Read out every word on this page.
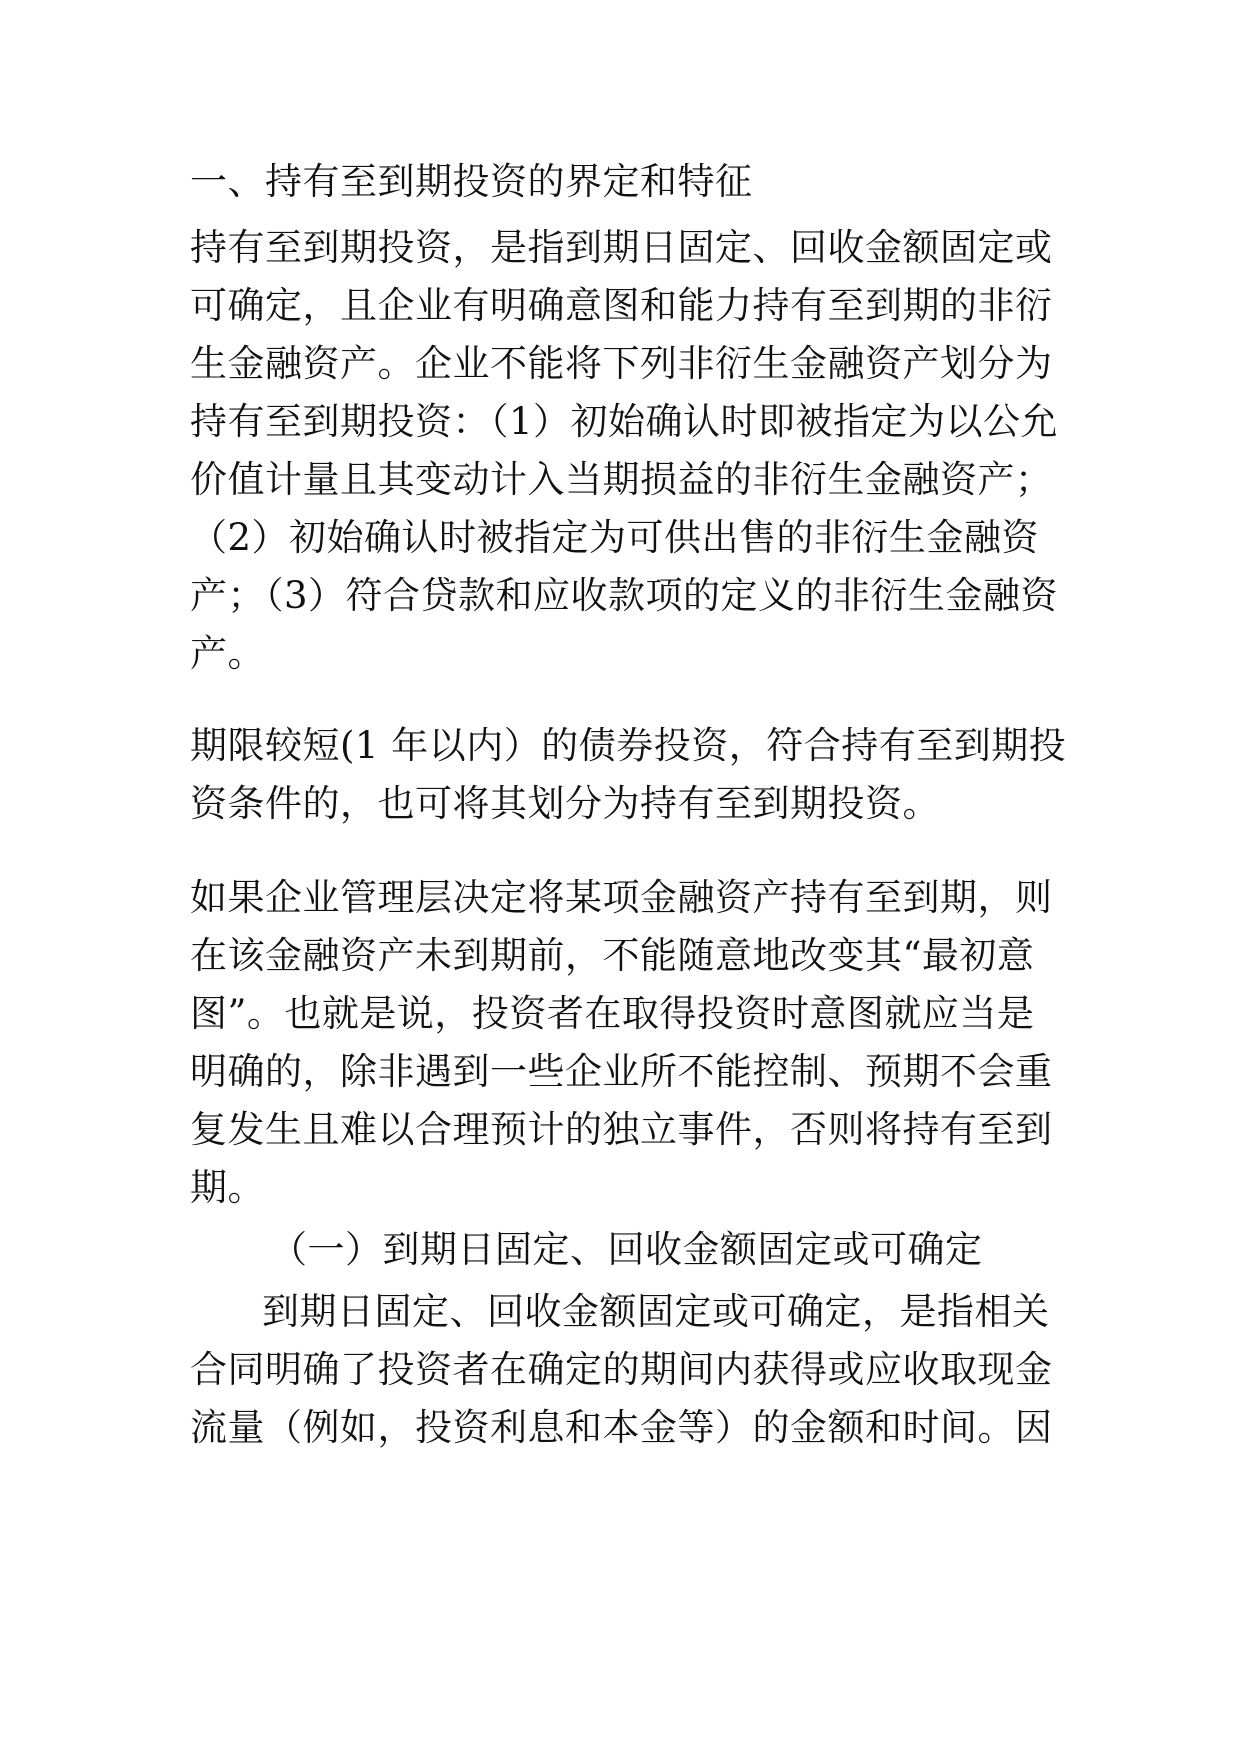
一、持有至到期投资的界定和特征
持有至到期投资，是指到期日固定、回收金额固定或
可确定，且企业有明确意图和能力持有至到期的非衍
生金融资产。企业不能将下列非衍生金融资产划分为
持有至到期投资：（1）初始确认时即被指定为以公允
价值计量且其变动计入当期损益的非衍生金融资产；
（2）初始确认时被指定为可供出售的非衍生金融资
产；（3）符合贷款和应收款项的定义的非衍生金融资
产。
期限较短(1 年以内）的债券投资，符合持有至到期投
资条件的，也可将其划分为持有至到期投资。
如果企业管理层决定将某项金融资产持有至到期，则
在该金融资产未到期前，不能随意地改变其“最初意
图”。也就是说，投资者在取得投资时意图就应当是
明确的，除非遇到一些企业所不能控制、预期不会重
复发生且难以合理预计的独立事件，否则将持有至到
期。
（一）到期日固定、回收金额固定或可确定
到期日固定、回收金额固定或可确定，是指相关
合同明确了投资者在确定的期间内获得或应收取现金
流量（例如，投资利息和本金等）的金额和时间。因
